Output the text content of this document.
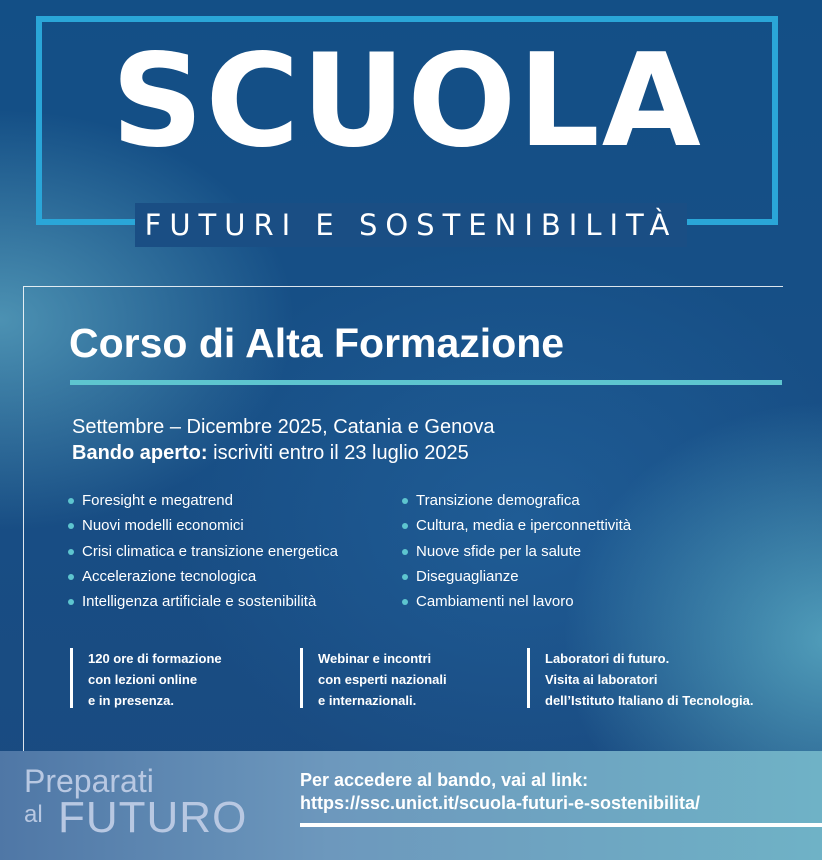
SCUOLA
FUTURI E SOSTENIBILITÀ
Corso di Alta Formazione
Settembre – Dicembre 2025, Catania e Genova
Bando aperto: iscriviti entro il 23 luglio 2025
Foresight e megatrend
Nuovi modelli economici
Crisi climatica e transizione energetica
Accelerazione tecnologica
Intelligenza artificiale e sostenibilità
Transizione demografica
Cultura, media e iperconnettività
Nuove sfide per la salute
Diseguaglianze
Cambiamenti nel lavoro
120 ore di formazione
con lezioni online
e in presenza.
Webinar e incontri
con esperti nazionali
e internazionali.
Laboratori di futuro.
Visita ai laboratori
dell’Istituto Italiano di Tecnologia.
Preparati
al FUTURO
Per accedere al bando, vai al link:
https://ssc.unict.it/scuola-futuri-e-sostenibilita/
